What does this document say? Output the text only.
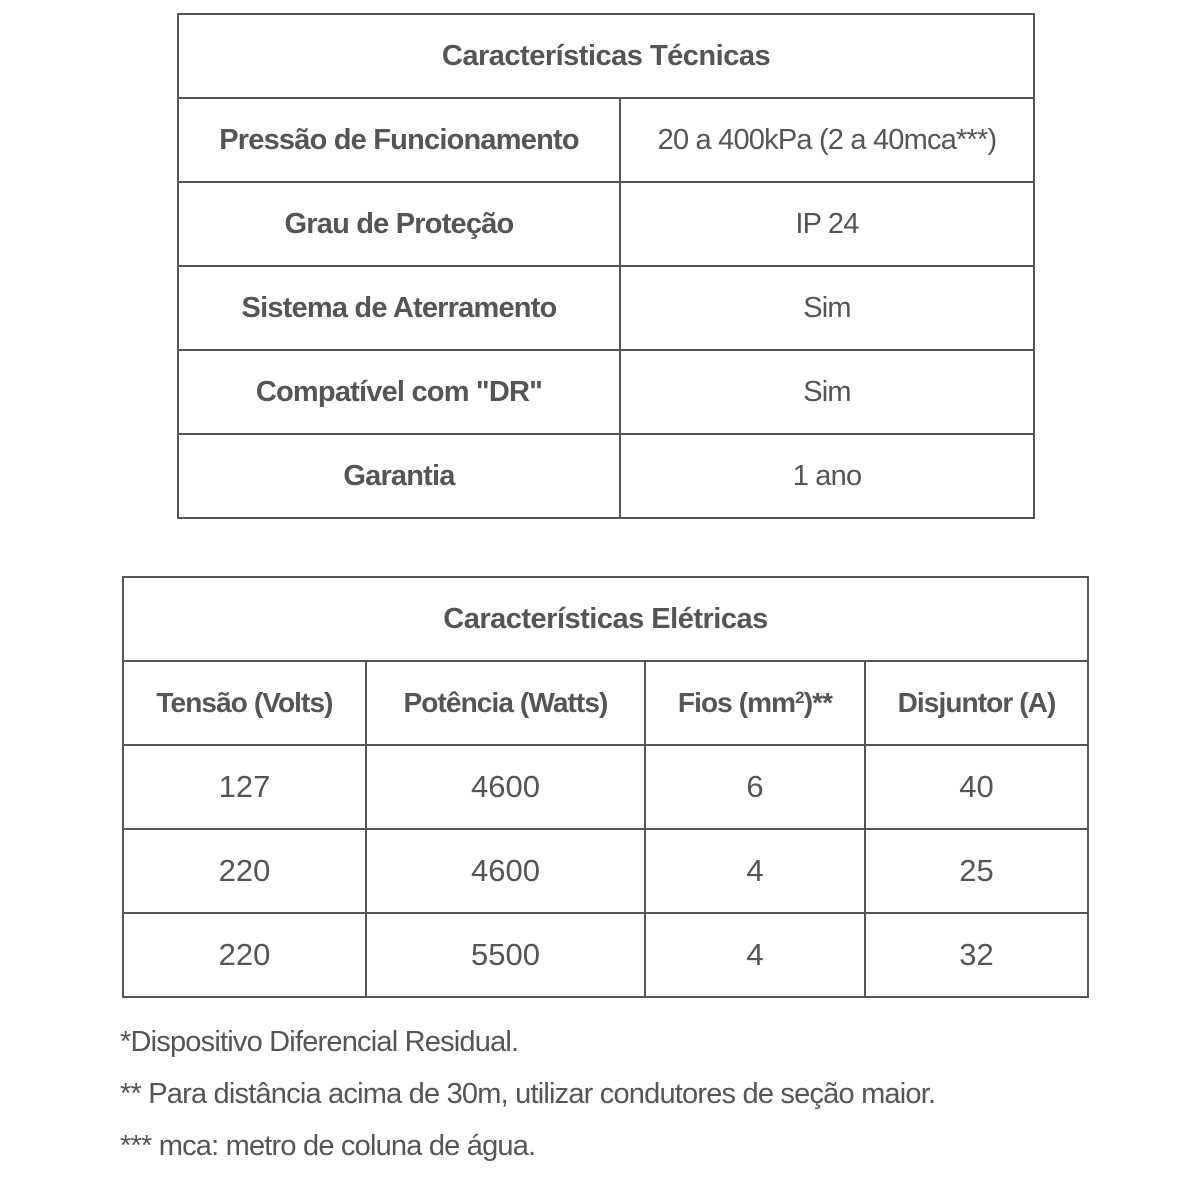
Características Técnicas	
Pressão de Funcionamento	20 a 400kPa (2 a 40mca***)
Grau de Proteção	IP 24
Sistema de Aterramento	Sim
Compatível com "DR"	Sim
Garantia	1 ano
Características Elétricas			
Tensão (Volts)	Potência (Watts)	Fios $(mm^2)**$	Disjuntor (A)
127	4600	6	40
220	4600	4	25
220	5500	4	32
*Dispositivo Diferencial Residual.
** Para distância acima de 30m, utilizar condutores de seção maior.
*** mca: metro de coluna de água.
